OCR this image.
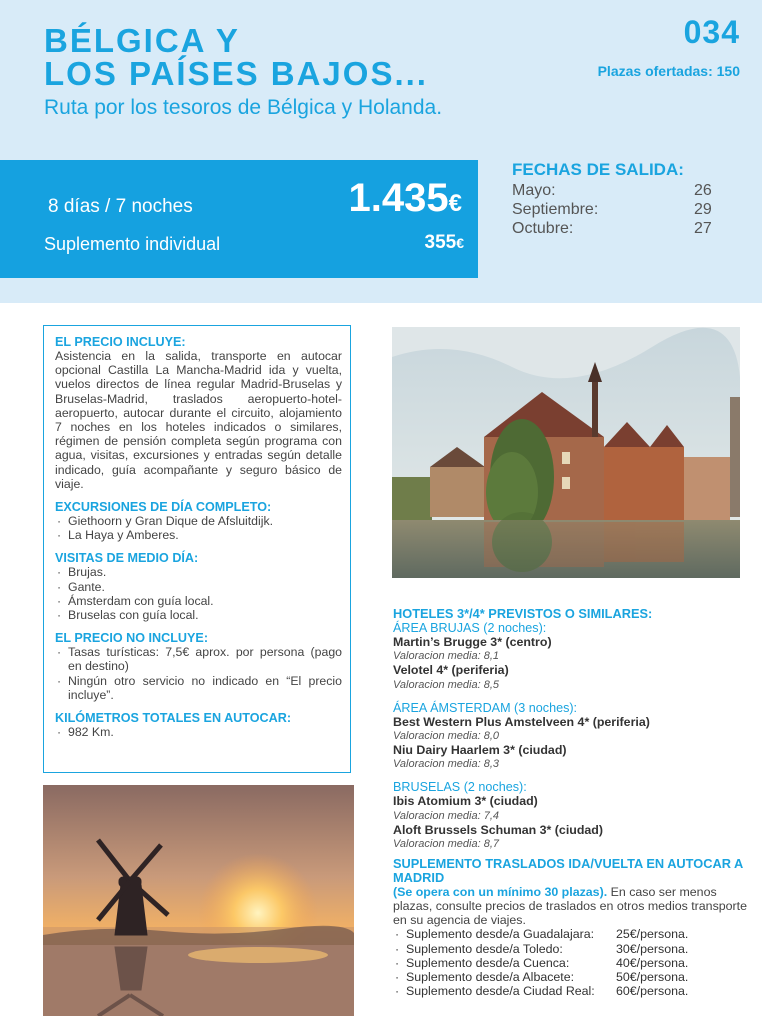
BÉLGICA Y
LOS PAÍSES BAJOS...
Ruta por los tesoros de Bélgica y Holanda.
034
Plazas ofertadas: 150
8 días / 7 noches	1.435€
Suplemento individual	355€
FECHAS DE SALIDA:
Mayo:	26
Septiembre:	29
Octubre:	27
EL PRECIO INCLUYE:

Asistencia en la salida, transporte en autocar opcional Castilla La Mancha-Madrid ida y vuelta, vuelos directos de línea regular Madrid-Bruselas y Bruselas-Madrid, traslados aeropuerto-hotel-aeropuerto, autocar durante el circuito, alojamiento 7 noches en los hoteles indicados o similares, régimen de pensión completa según programa con agua, visitas, excursiones y entradas según detalle indicado, guía acompañante y seguro básico de viaje.

EXCURSIONES DE DÍA COMPLETO:
· Giethoorn y Gran Dique de Afsluitdijk.
· La Haya y Amberes.
VISITAS DE MEDIO DÍA:
· Brujas.
· Gante.
· Ámsterdam con guía local.
· Bruselas con guía local.
EL PRECIO NO INCLUYE:
· Tasas turísticas: 7,5€ aprox. por persona (pago en destino)
· Ningún otro servicio no indicado en “El precio incluye”.
KILÓMETROS TOTALES EN AUTOCAR:
· 982 Km.
HOTELES 3*/4* PREVISTOS O SIMILARES:
ÁREA BRUJAS (2 noches):
Martin’s Brugge 3* (centro)
Valoracion media: 8,1
Velotel 4* (periferia)
Valoracion media: 8,5
ÁREA ÁMSTERDAM (3 noches):
Best Western Plus Amstelveen 4* (periferia)
Valoracion media: 8,0
Niu Dairy Haarlem 3* (ciudad)
Valoracion media: 8,3
BRUSELAS (2 noches):
Ibis Atomium 3* (ciudad)
Valoracion media: 7,4
Aloft Brussels Schuman 3* (ciudad)
Valoracion media: 8,7
SUPLEMENTO TRASLADOS IDA/VUELTA EN AUTOCAR A MADRID
(Se opera con un mínimo 30 plazas). En caso ser menos plazas, consulte precios de traslados en otros medios transporte en su agencia de viajes.
· Suplemento desde/a Guadalajara:	25€/persona.
· Suplemento desde/a Toledo:	30€/persona.
· Suplemento desde/a Cuenca:	40€/persona.
· Suplemento desde/a Albacete:	50€/persona.
· Suplemento desde/a Ciudad Real:	60€/persona.
